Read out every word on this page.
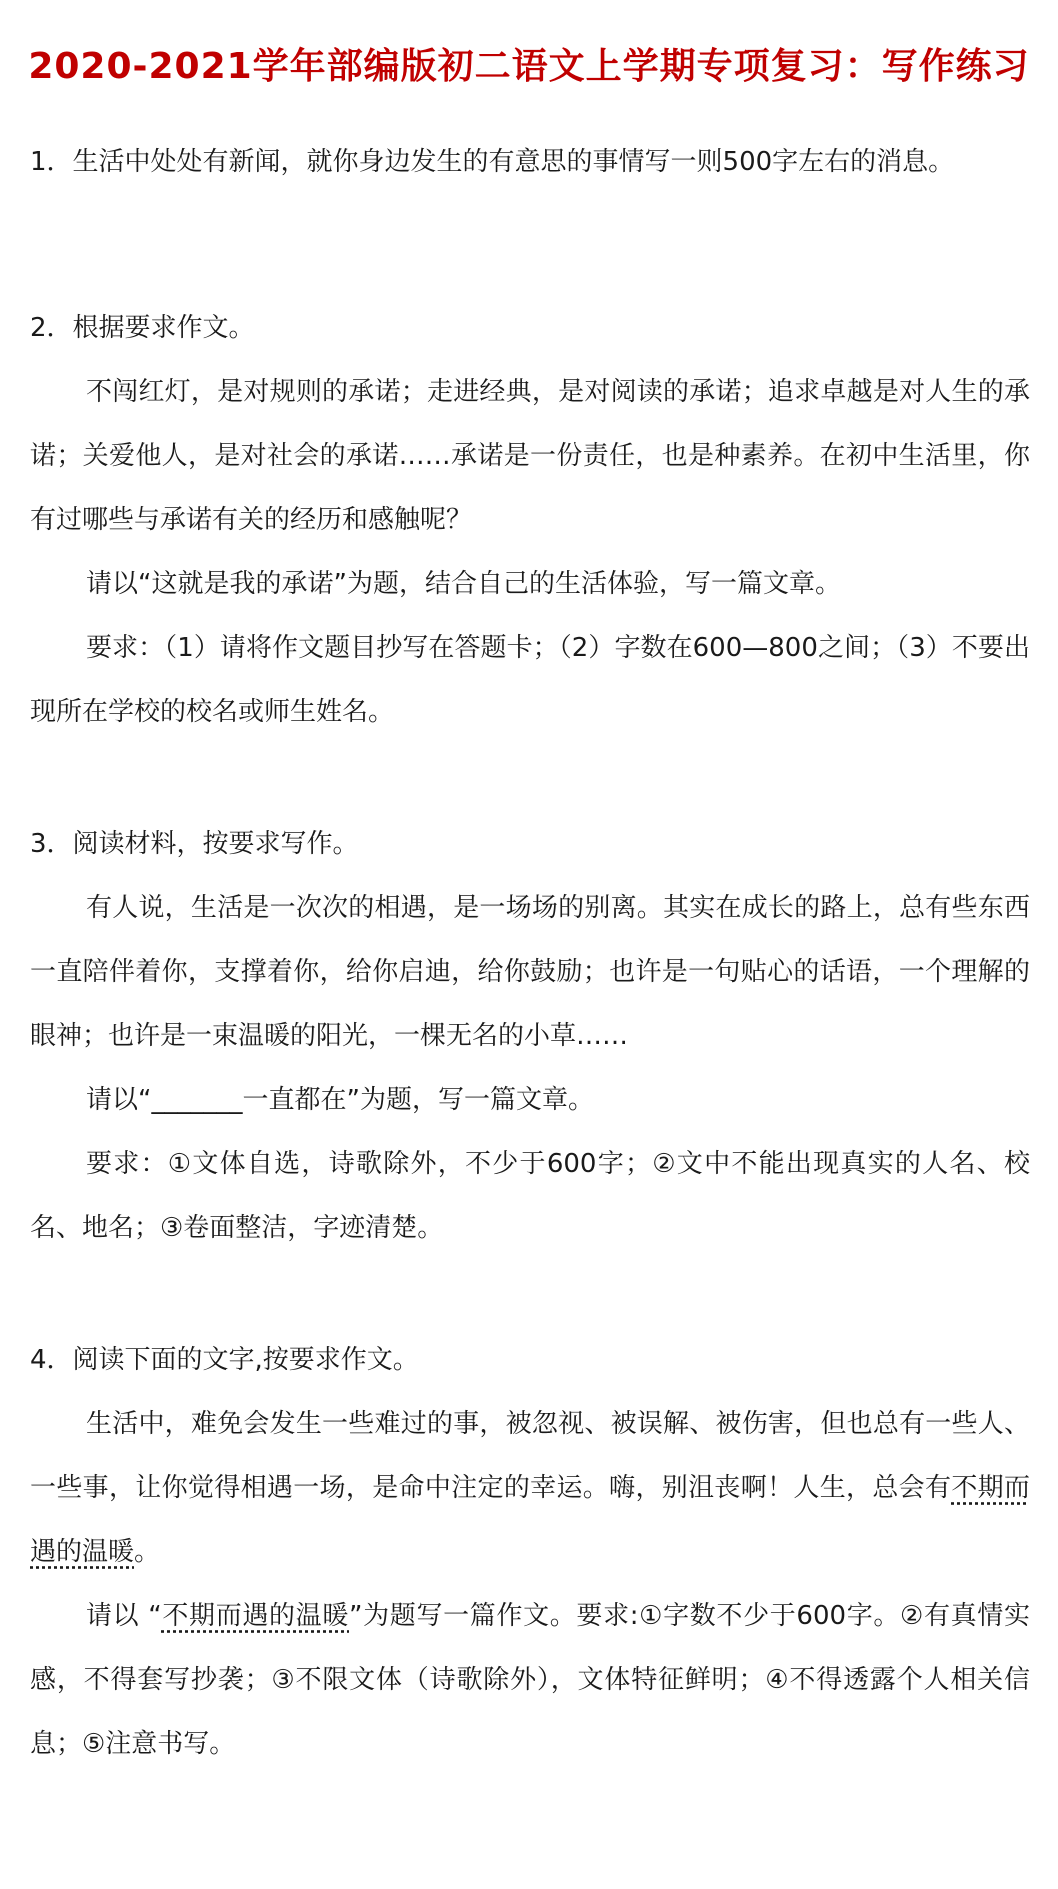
2020-2021学年部编版初二语文上学期专项复习：写作练习
1．生活中处处有新闻，就你身边发生的有意思的事情写一则500字左右的消息。
2．根据要求作文。
不闯红灯，是对规则的承诺；走进经典，是对阅读的承诺；追求卓越是对人生的承诺；关爱他人，是对社会的承诺……承诺是一份责任，也是种素养。在初中生活里，你有过哪些与承诺有关的经历和感触呢？
请以“这就是我的承诺”为题，结合自己的生活体验，写一篇文章。
要求：（1）请将作文题目抄写在答题卡；（2）字数在600—800之间；（3）不要出现所在学校的校名或师生姓名。
3．阅读材料，按要求写作。
有人说，生活是一次次的相遇，是一场场的别离。其实在成长的路上，总有些东西一直陪伴着你，支撑着你，给你启迪，给你鼓励；也许是一句贴心的话语，一个理解的眼神；也许是一束温暖的阳光，一棵无名的小草……
请以“_______一直都在”为题，写一篇文章。
要求：①文体自选，诗歌除外，不少于600字；②文中不能出现真实的人名、校名、地名；③卷面整洁，字迹清楚。
4．阅读下面的文字,按要求作文。
生活中，难免会发生一些难过的事，被忽视、被误解、被伤害，但也总有一些人、一些事，让你觉得相遇一场，是命中注定的幸运。嗨，别沮丧啊！人生，总会有不期而遇的温暖。
请以 “不期而遇的温暖”为题写一篇作文。要求:①字数不少于600字。②有真情实感，不得套写抄袭；③不限文体（诗歌除外），文体特征鲜明；④不得透露个人相关信息；⑤注意书写。
